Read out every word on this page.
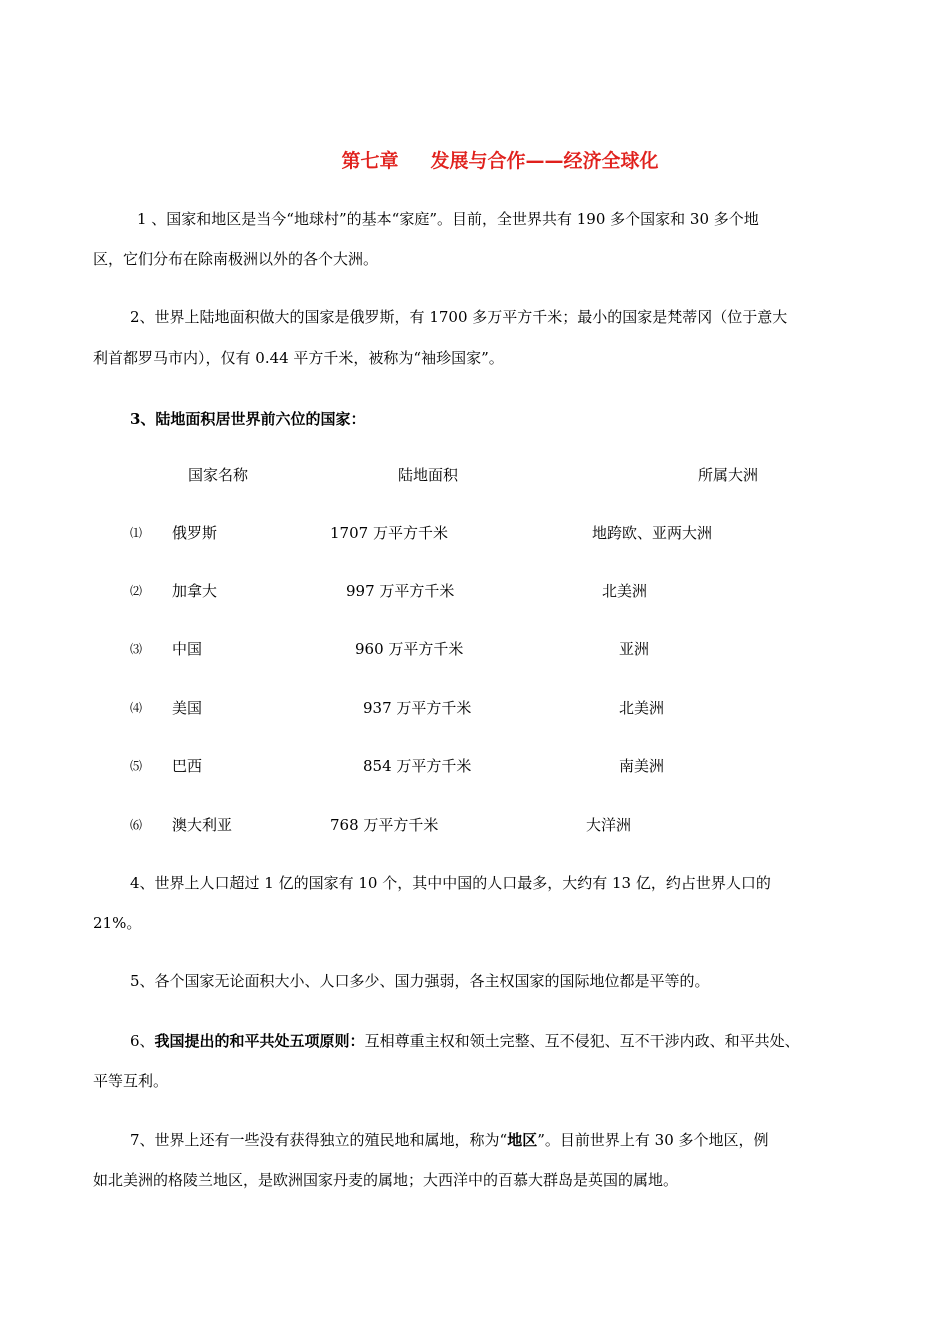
第七章 发展与合作——经济全球化
1 、国家和地区是当今“地球村”的基本“家庭”。目前，全世界共有 190 多个国家和 30 多个地
区，它们分布在除南极洲以外的各个大洲。
2、世界上陆地面积做大的国家是俄罗斯，有 1700 多万平方千米；最小的国家是梵蒂冈（位于意大
利首都罗马市内），仅有 0.44 平方千米，被称为“袖珍国家”。
3、陆地面积居世界前六位的国家：
国家名称	陆地面积	所属大洲
⑴ 俄罗斯	1707 万平方千米	地跨欧、亚两大洲
⑵ 加拿大	997 万平方千米	北美洲
⑶ 中国	960 万平方千米	亚洲
⑷ 美国	937 万平方千米	北美洲
⑸ 巴西	854 万平方千米	南美洲
⑹ 澳大利亚	768 万平方千米	大洋洲
4、世界上人口超过 1 亿的国家有 10 个，其中中国的人口最多，大约有 13 亿，约占世界人口的
21%。
5、各个国家无论面积大小、人口多少、国力强弱，各主权国家的国际地位都是平等的。
6、我国提出的和平共处五项原则：互相尊重主权和领土完整、互不侵犯、互不干涉内政、和平共处、
平等互利。
7、世界上还有一些没有获得独立的殖民地和属地，称为“地区”。目前世界上有 30 多个地区，例
如北美洲的格陵兰地区，是欧洲国家丹麦的属地；大西洋中的百慕大群岛是英国的属地。
